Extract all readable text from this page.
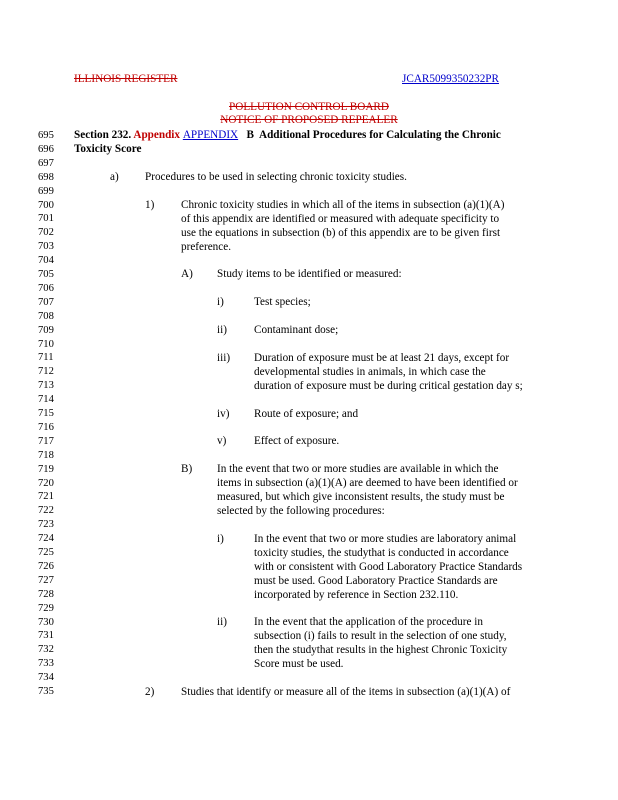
ILLINOIS REGISTER	JCAR5099350232PR
POLLUTION CONTROL BOARD
NOTICE OF PROPOSED REPEALER
695
696
697
698
699
700
701
702
703
704
705
706
707
708
709
710
711
712
713
714
715
716
717
718
719
720
721
722
723
724
725
726
727
728
729
730
731
732
733
734
735
Section 232. Appendix APPENDIX B Additional Procedures for Calculating the Chronic
Toxicity Score
a) Procedures to be used in selecting chronic toxicity studies.
1) Chronic toxicity studies in which all of the items in subsection (a)(1)(A)
of this appendix are identified or measured with adequate specificity to
use the equations in subsection (b) of this appendix are to be given first
preference.
A) Study items to be identified or measured:
i)	Test species;
ii) Contaminant dose;
iii) Duration of exposure must be at least 21 days, except for
developmental studies in animals, in which case the
duration of exposure must be during critical gestation day s;
iv) Route of exposure; and
v) Effect of exposure.
B) In the event that two or more studies are available in which the
items in subsection (a)(1)(A) are deemed to have been identified or
measured, but which give inconsistent results, the study must be
selected by the following procedures:
i)	In the event that two or more studies are laboratory animal
toxicity studies, the studythat is conducted in accordance
with or consistent with Good Laboratory Practice Standards
must be used. Good Laboratory Practice Standards are
incorporated by reference in Section 232.110.
ii) In the event that the application of the procedure in
subsection (i) fails to result in the selection of one study,
then the studythat results in the highest Chronic Toxicity
Score must be used.
2) Studies that identify or measure all of the items in subsection (a)(1)(A) of
